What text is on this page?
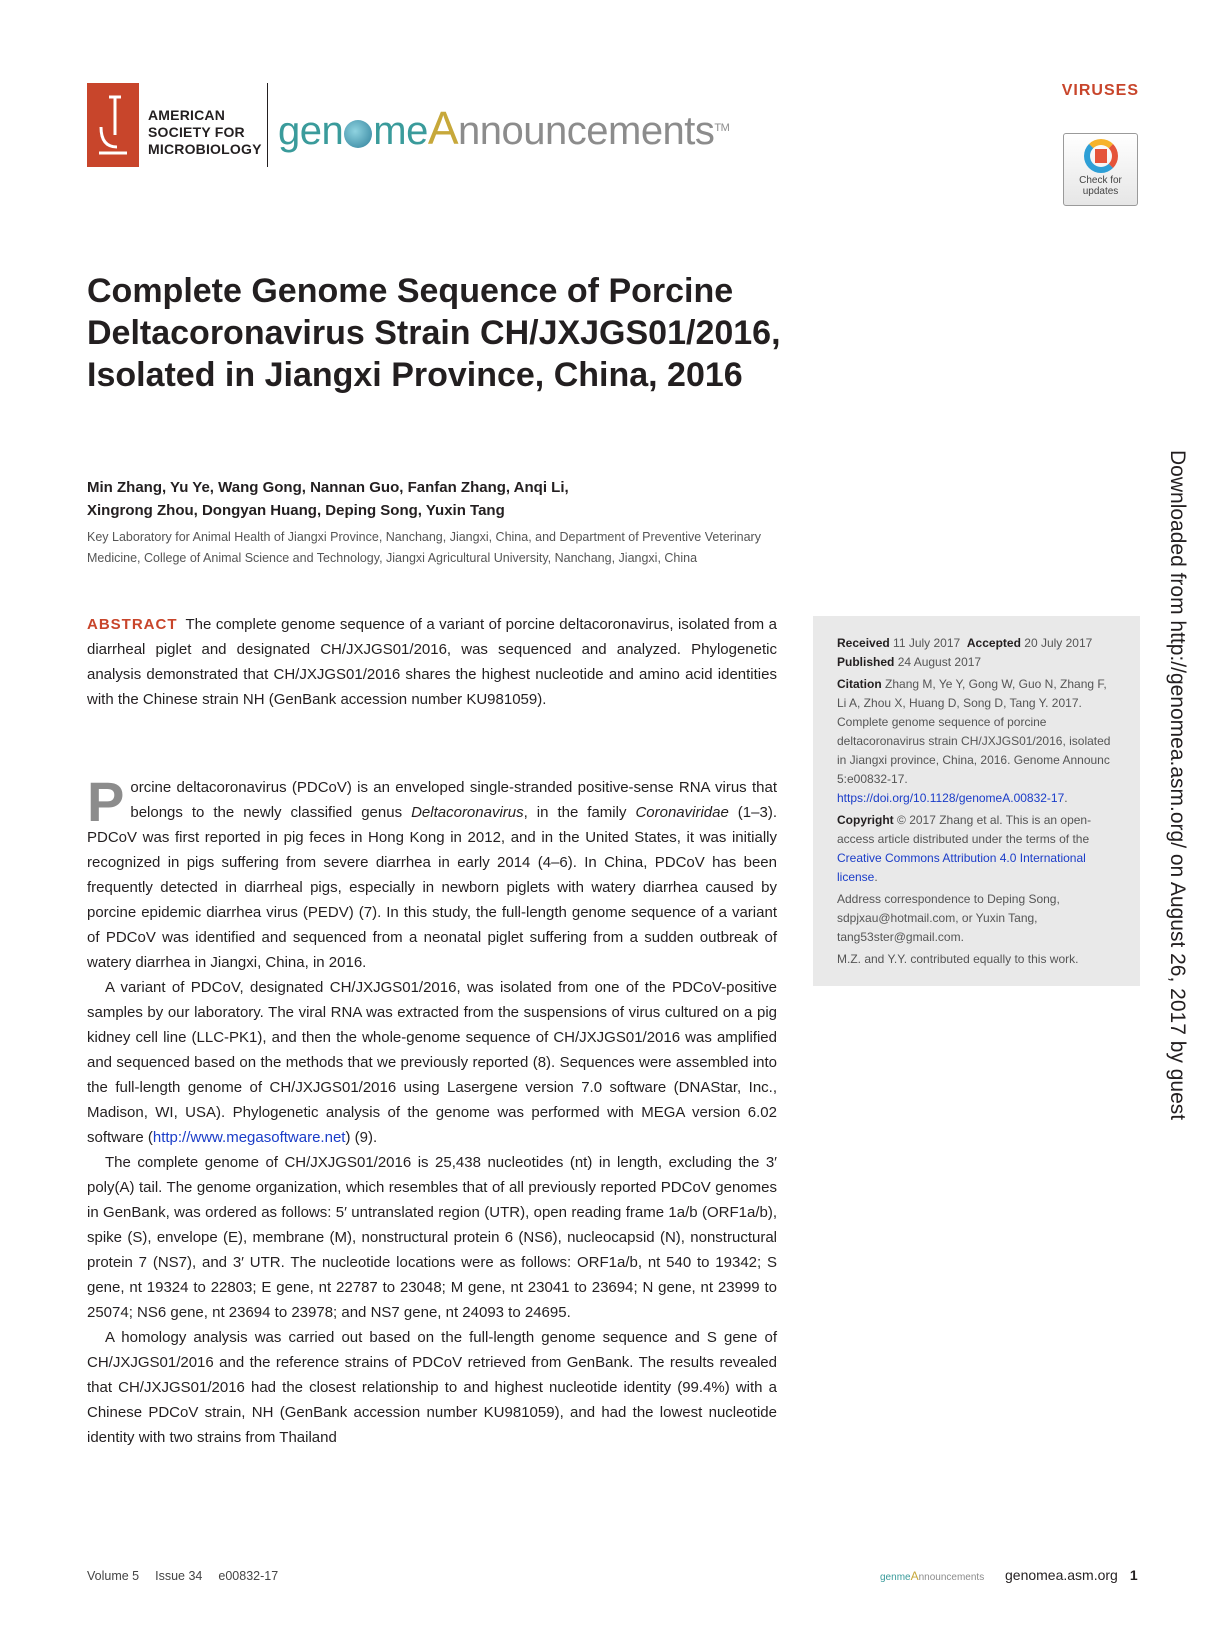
AMERICAN
SOCIETY FOR
MICROBIOLOGY gen meAnnouncements™
VIRUSES
Check for updates
Complete Genome Sequence of Porcine Deltacoronavirus Strain CH/JXJGS01/2016, Isolated in Jiangxi Province, China, 2016

Min Zhang, Yu Ye, Wang Gong, Nannan Guo, Fanfan Zhang, Anqi Li,
Xingrong Zhou, Dongyan Huang, Deping Song, Yuxin Tang

Key Laboratory for Animal Health of Jiangxi Province, Nanchang, Jiangxi, China, and Department of Preventive Veterinary Medicine, College of Animal Science and Technology, Jiangxi Agricultural University, Nanchang, Jiangxi, China

ABSTRACT The complete genome sequence of a variant of porcine deltacoronavirus, isolated from a diarrheal piglet and designated CH/JXJGS01/2016, was sequenced and analyzed. Phylogenetic analysis demonstrated that CH/JXJGS01/2016 shares the highest nucleotide and amino acid identities with the Chinese strain NH (GenBank accession number KU981059).

Porcine deltacoronavirus (PDCoV) is an enveloped single-stranded positive-sense RNA virus that belongs to the newly classified genus Deltacoronavirus, in the family Coronaviridae (1–3). PDCoV was first reported in pig feces in Hong Kong in 2012, and in the United States, it was initially recognized in pigs suffering from severe diarrhea in early 2014 (4–6). In China, PDCoV has been frequently detected in diarrheal pigs, especially in newborn piglets with watery diarrhea caused by porcine epidemic diarrhea virus (PEDV) (7). In this study, the full-length genome sequence of a variant of PDCoV was identified and sequenced from a neonatal piglet suffering from a sudden outbreak of watery diarrhea in Jiangxi, China, in 2016.

A variant of PDCoV, designated CH/JXJGS01/2016, was isolated from one of the PDCoV-positive samples by our laboratory. The viral RNA was extracted from the suspensions of virus cultured on a pig kidney cell line (LLC-PK1), and then the whole-genome sequence of CH/JXJGS01/2016 was amplified and sequenced based on the methods that we previously reported (8). Sequences were assembled into the full-length genome of CH/JXJGS01/2016 using Lasergene version 7.0 software (DNAStar, Inc., Madison, WI, USA). Phylogenetic analysis of the genome was performed with MEGA version 6.02 software (http://www.megasoftware.net) (9).

The complete genome of CH/JXJGS01/2016 is 25,438 nucleotides (nt) in length, excluding the 3′ poly(A) tail. The genome organization, which resembles that of all previously reported PDCoV genomes in GenBank, was ordered as follows: 5′ untranslated region (UTR), open reading frame 1a/b (ORF1a/b), spike (S), envelope (E), membrane (M), nonstructural protein 6 (NS6), nucleocapsid (N), nonstructural protein 7 (NS7), and 3′ UTR. The nucleotide locations were as follows: ORF1a/b, nt 540 to 19342; S gene, nt 19324 to 22803; E gene, nt 22787 to 23048; M gene, nt 23041 to 23694; N gene, nt 23999 to 25074; NS6 gene, nt 23694 to 23978; and NS7 gene, nt 24093 to 24695.

A homology analysis was carried out based on the full-length genome sequence and S gene of CH/JXJGS01/2016 and the reference strains of PDCoV retrieved from GenBank. The results revealed that CH/JXJGS01/2016 had the closest relationship to and highest nucleotide identity (99.4%) with a Chinese PDCoV strain, NH (GenBank accession number KU981059), and had the lowest nucleotide identity with two strains from Thailand

Received 11 July 2017 Accepted 20 July 2017  Published 24 August 2017

Citation Zhang M, Ye Y, Gong W, Guo N, Zhang F, Li A, Zhou X, Huang D, Song D, Tang Y. 2017. Complete genome sequence of porcine deltacoronavirus strain CH/JXJGS01/2016, isolated in Jiangxi province, China, 2016. Genome Announc 5:e00832-17. https://doi.org/10.1128/genomeA.00832-17.

Copyright © 2017 Zhang et al. This is an open-access article distributed under the terms of the Creative Commons Attribution 4.0 International license.

Address correspondence to Deping Song, sdpjxau@hotmail.com, or Yuxin Tang, tang53ster@gmail.com.

M.Z. and Y.Y. contributed equally to this work.	Downloaded from http://genomea.asm.org/ on August 26, 2017 by guest
Volume 5 Issue 34 e00832-17	genmeAnnouncements genomea.asm.org 1
